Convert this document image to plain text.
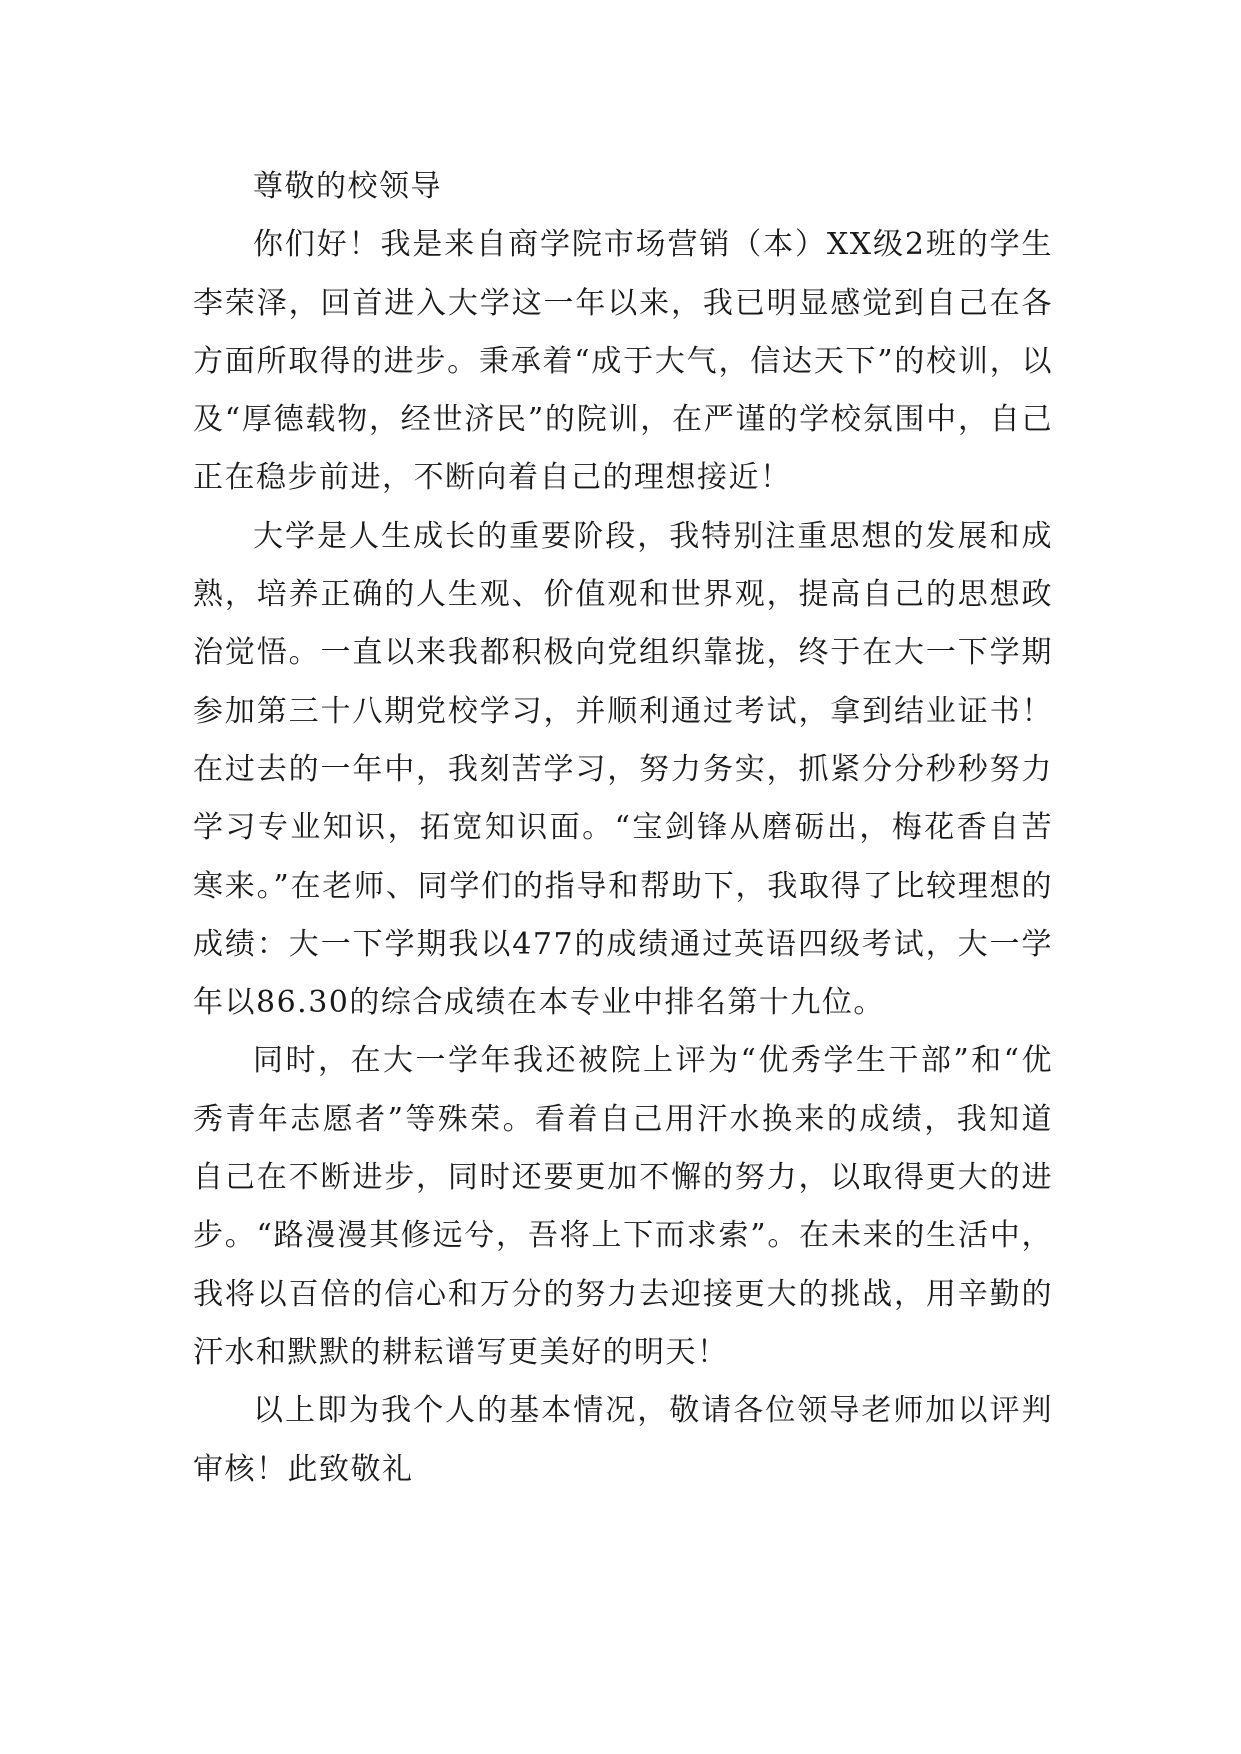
尊敬的校领导

你们好！我是来自商学院市场营销（本）XX级2班的学生李荣泽，回首进入大学这一年以来，我已明显感觉到自己在各方面所取得的进步。秉承着“成于大气，信达天下”的校训，以及“厚德载物，经世济民”的院训，在严谨的学校氛围中，自己正在稳步前进，不断向着自己的理想接近！

大学是人生成长的重要阶段，我特别注重思想的发展和成熟，培养正确的人生观、价值观和世界观，提高自己的思想政治觉悟。一直以来我都积极向党组织靠拢，终于在大一下学期参加第三十八期党校学习，并顺利通过考试，拿到结业证书！在过去的一年中，我刻苦学习，努力务实，抓紧分分秒秒努力学习专业知识，拓宽知识面。“宝剑锋从磨砺出，梅花香自苦寒来。”在老师、同学们的指导和帮助下，我取得了比较理想的成绩：大一下学期我以477的成绩通过英语四级考试，大一学年以86.30的综合成绩在本专业中排名第十九位。

同时，在大一学年我还被院上评为“优秀学生干部”和“优秀青年志愿者”等殊荣。看着自己用汗水换来的成绩，我知道自己在不断进步，同时还要更加不懈的努力，以取得更大的进步。“路漫漫其修远兮，吾将上下而求索”。在未来的生活中，我将以百倍的信心和万分的努力去迎接更大的挑战，用辛勤的汗水和默默的耕耘谱写更美好的明天！

以上即为我个人的基本情况，敬请各位领导老师加以评判审核！此致敬礼
